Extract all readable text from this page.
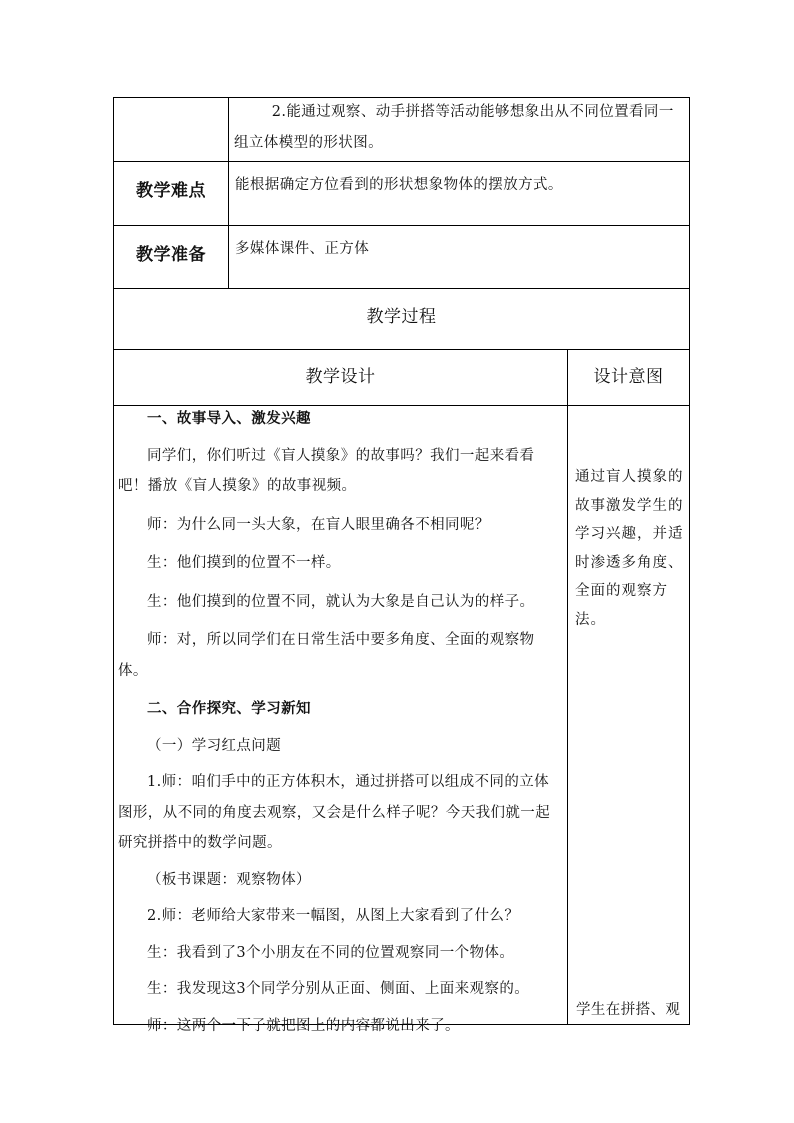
2.能通过观察、动手拼搭等活动能够想象出从不同位置看同一组立体模型的形状图。

教学难点	能根据确定方位看到的形状想象物体的摆放方式。
教学准备	多媒体课件、正方体
教学过程
教学设计	设计意图

一、故事导入、激发兴趣

同学们，你们听过《盲人摸象》的故事吗？我们一起来看看吧！播放《盲人摸象》的故事视频。

师：为什么同一头大象，在盲人眼里确各不相同呢？

生：他们摸到的位置不一样。

生：他们摸到的位置不同，就认为大象是自己认为的样子。

师：对，所以同学们在日常生活中要多角度、全面的观察物体。

二、合作探究、学习新知

（一）学习红点问题

1.师：咱们手中的正方体积木，通过拼搭可以组成不同的立体图形，从不同的角度去观察，又会是什么样子呢？今天我们就一起研究拼搭中的数学问题。

（板书课题：观察物体）

2.师：老师给大家带来一幅图，从图上大家看到了什么？

生：我看到了3个小朋友在不同的位置观察同一个物体。

生：我发现这3个同学分别从正面、侧面、上面来观察的。

师：这两个一下子就把图上的内容都说出来了。

通过盲人摸象的故事激发学生的学习兴趣，并适时渗透多角度、全面的观察方法。
学生在拼搭、观
